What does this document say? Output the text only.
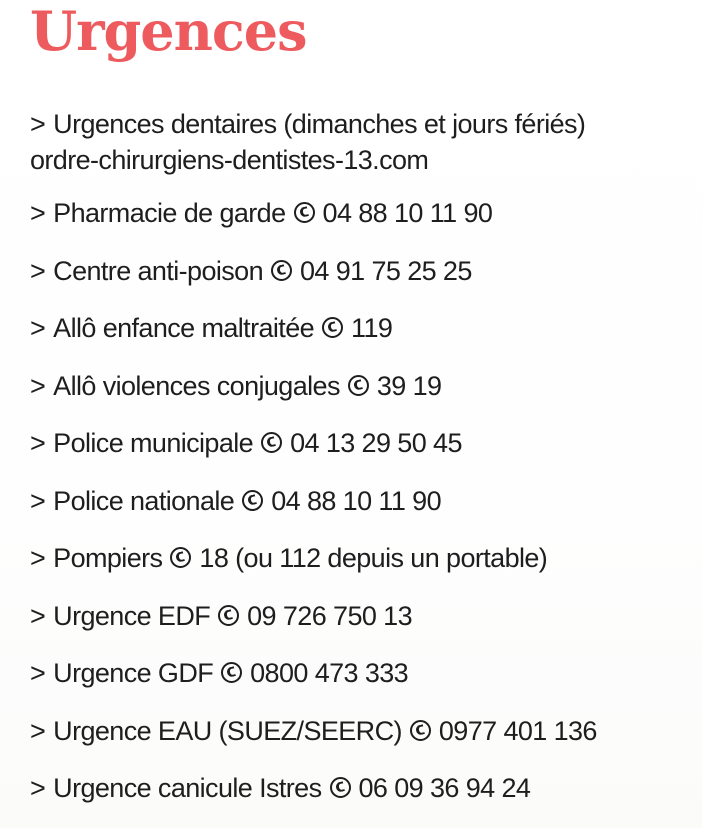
Urgences
> Urgences dentaires (dimanches et jours fériés)
ordre-chirurgiens-dentistes-13.com
> Pharmacie de garde 04 88 10 11 90
> Centre anti-poison 04 91 75 25 25
> Allô enfance maltraitée 119
> Allô violences conjugales 39 19
> Police municipale 04 13 29 50 45
> Police nationale 04 88 10 11 90
> Pompiers 18 (ou 112 depuis un portable)
> Urgence EDF 09 726 750 13
> Urgence GDF 0800 473 333
> Urgence EAU (SUEZ/SEERC) 0977 401 136
> Urgence canicule Istres 06 09 36 94 24
